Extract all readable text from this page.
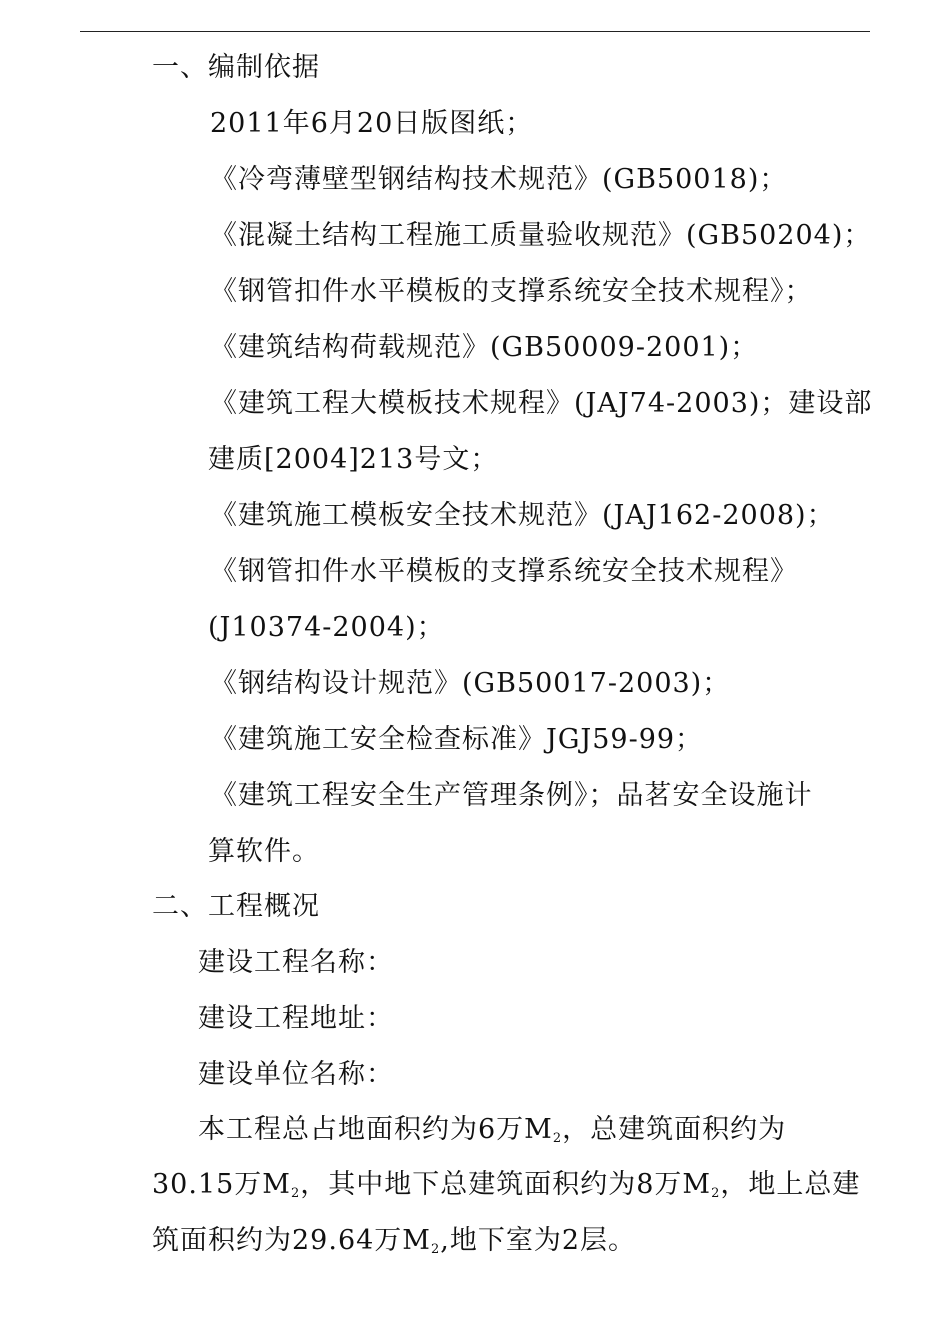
一、编制依据
2011年6月20日版图纸；
《冷弯薄壁型钢结构技术规范》(GB50018)；
《混凝土结构工程施工质量验收规范》(GB50204)；
《钢管扣件水平模板的支撑系统安全技术规程》；
《建筑结构荷载规范》(GB50009-2001)；
《建筑工程大模板技术规程》(JAJ74-2003)；建设部
建质[2004]213号文；
《建筑施工模板安全技术规范》(JAJ162-2008)；
《钢管扣件水平模板的支撑系统安全技术规程》
(J10374-2004)；
《钢结构设计规范》(GB50017-2003)；
《建筑施工安全检查标准》JGJ59-99；
《建筑工程安全生产管理条例》；品茗安全设施计
算软件。
二、工程概况
建设工程名称：
建设工程地址：
建设单位名称：
本工程总占地面积约为6万$M_2$，总建筑面积约为
30.15万$M_2$，其中地下总建筑面积约为8万$M_2$，地上总建
筑面积约为29.64万$M_2$,地下室为2层。
